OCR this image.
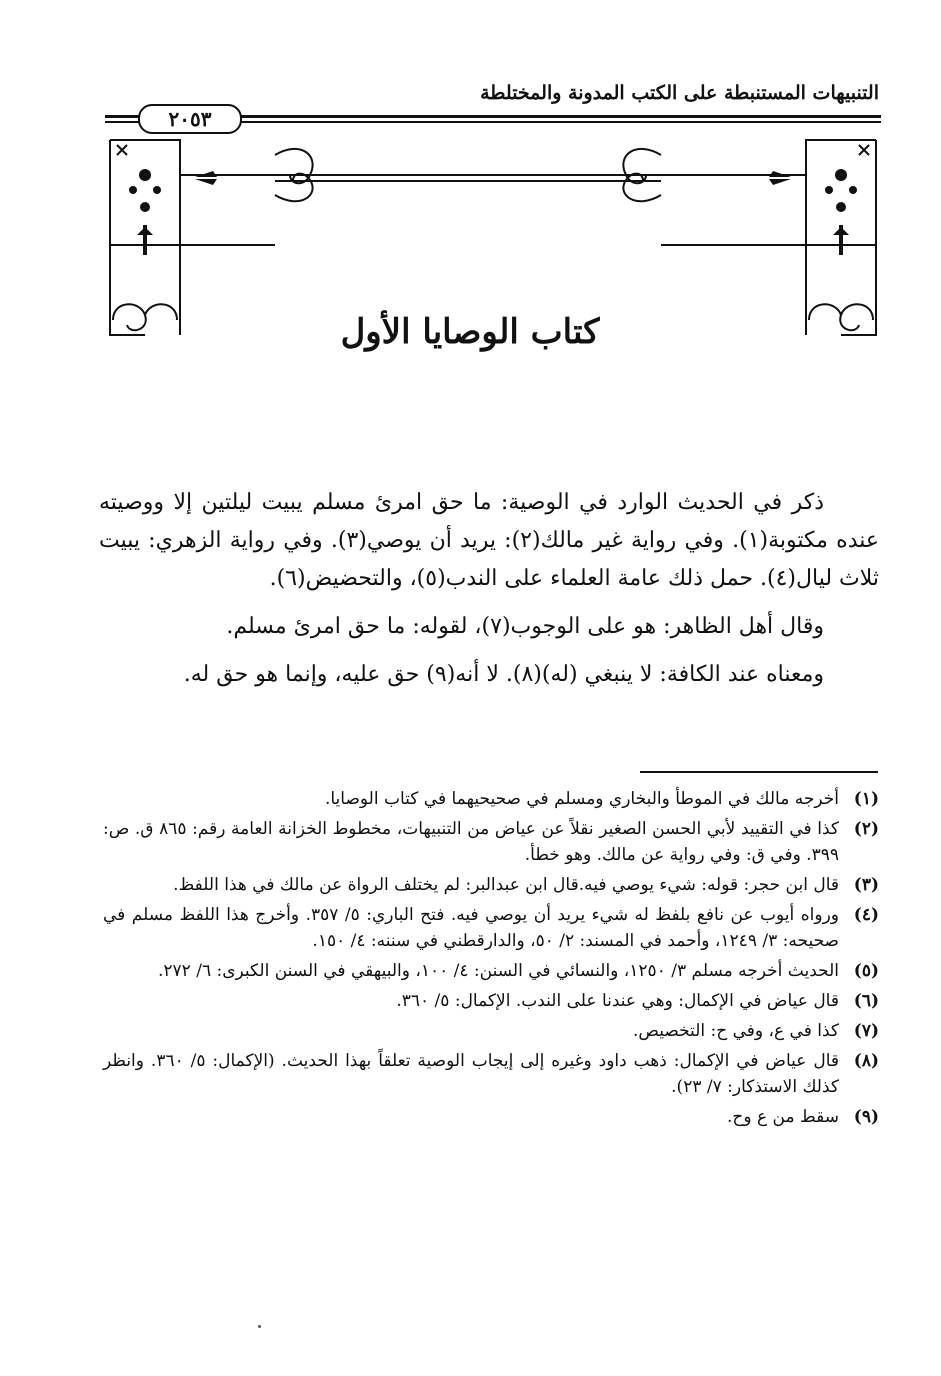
التنبيهات المستنبطة على الكتب المدونة والمختلطة
٢٠٥٣
كتاب الوصايا الأول

ذكر في الحديث الوارد في الوصية: ما حق امرئ مسلم يبيت ليلتين إلا ووصيته عنده مكتوبة(١). وفي رواية غير مالك(٢): يريد أن يوصي(٣). وفي رواية الزهري: يبيت ثلاث ليال(٤). حمل ذلك عامة العلماء على الندب(٥)، والتحضيض(٦).

وقال أهل الظاهر: هو على الوجوب(٧)، لقوله: ما حق امرئ مسلم.

ومعناه عند الكافة: لا ينبغي (له)(٨). لا أنه(٩) حق عليه، وإنما هو حق له.

(١)
أخرجه مالك في الموطأ والبخاري ومسلم في صحيحيهما في كتاب الوصايا.
(٢)
كذا في التقييد لأبي الحسن الصغير نقلاً عن عياض من التنبيهات، مخطوط الخزانة العامة رقم: ٨٦٥ ق. ص: ٣٩٩. وفي ق: وفي رواية عن مالك. وهو خطأ.
(٣)
قال ابن حجر: قوله: شيء يوصي فيه.قال ابن عبدالبر: لم يختلف الرواة عن مالك في هذا اللفظ.
(٤)
ورواه أيوب عن نافع بلفظ له شيء يريد أن يوصي فيه. فتح الباري: ٥/ ٣٥٧. وأخرج هذا اللفظ مسلم في صحيحه: ٣/ ١٢٤٩، وأحمد في المسند: ٢/ ٥٠، والدارقطني في سننه: ٤/ ١٥٠.
(٥)
الحديث أخرجه مسلم ٣/ ١٢٥٠، والنسائي في السنن: ٤/ ١٠٠، والبيهقي في السنن الكبرى: ٦/ ٢٧٢.
(٦)
قال عياض في الإكمال: وهي عندنا على الندب. الإكمال: ٥/ ٣٦٠.
(٧)
كذا في ع، وفي ح: التخصيص.
(٨)
قال عياض في الإكمال: ذهب داود وغيره إلى إيجاب الوصية تعلقاً بهذا الحديث. (الإكمال: ٥/ ٣٦٠. وانظر كذلك الاستذكار: ٧/ ٢٣).
(٩)
سقط من ع وح.
